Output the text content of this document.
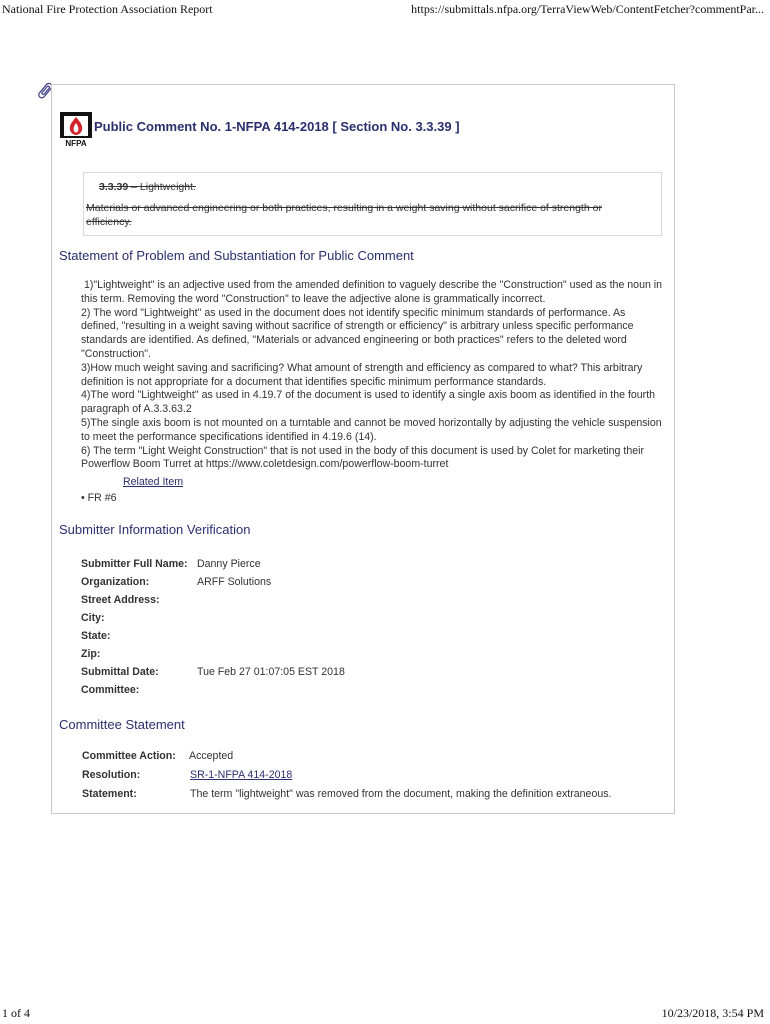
National Fire Protection Association Report	https://submittals.nfpa.org/TerraViewWeb/ContentFetcher?commentPar...
NFPA
Public Comment No. 1-NFPA 414-2018 [ Section No. 3.3.39 ]
3.3.39 – Lightweight.
Materials or advanced engineering or both practices, resulting in a weight saving without sacrifice of strength or efficiency.
Statement of Problem and Substantiation for Public Comment
1)"Lightweight" is an adjective used from the amended definition to vaguely describe the "Construction" used as the noun in this term. Removing the word "Construction" to leave the adjective alone is grammatically incorrect.
2) The word "Lightweight" as used in the document does not identify specific minimum standards of performance. As defined, "resulting in a weight saving without sacrifice of strength or efficiency" is arbitrary unless specific performance standards are identified. As defined, "Materials or advanced engineering or both practices" refers to the deleted word "Construction".
3)How much weight saving and sacrificing? What amount of strength and efficiency as compared to what? This arbitrary definition is not appropriate for a document that identifies specific minimum performance standards.
4)The word "Lightweight" as used in 4.19.7 of the document is used to identify a single axis boom as identified in the fourth paragraph of A.3.3.63.2
5)The single axis boom is not mounted on a turntable and cannot be moved horizontally by adjusting the vehicle suspension to meet the performance specifications identified in 4.19.6 (14).
6) The term "Light Weight Construction" that is not used in the body of this document is used by Colet for marketing their Powerflow Boom Turret at https://www.coletdesign.com/powerflow-boom-turret
Related Item
• FR #6
Submitter Information Verification
Submitter Full Name: Danny Pierce
Organization:	ARFF Solutions
Street Address:
City:
State:
Zip:
Submittal Date:	Tue Feb 27 01:07:05 EST 2018
Committee:
Committee Statement
Committee Action: Accepted
Resolution:	SR-1-NFPA 414-2018
Statement:	The term "lightweight" was removed from the document, making the definition extraneous.
1 of 4	10/23/2018, 3:54 PM
